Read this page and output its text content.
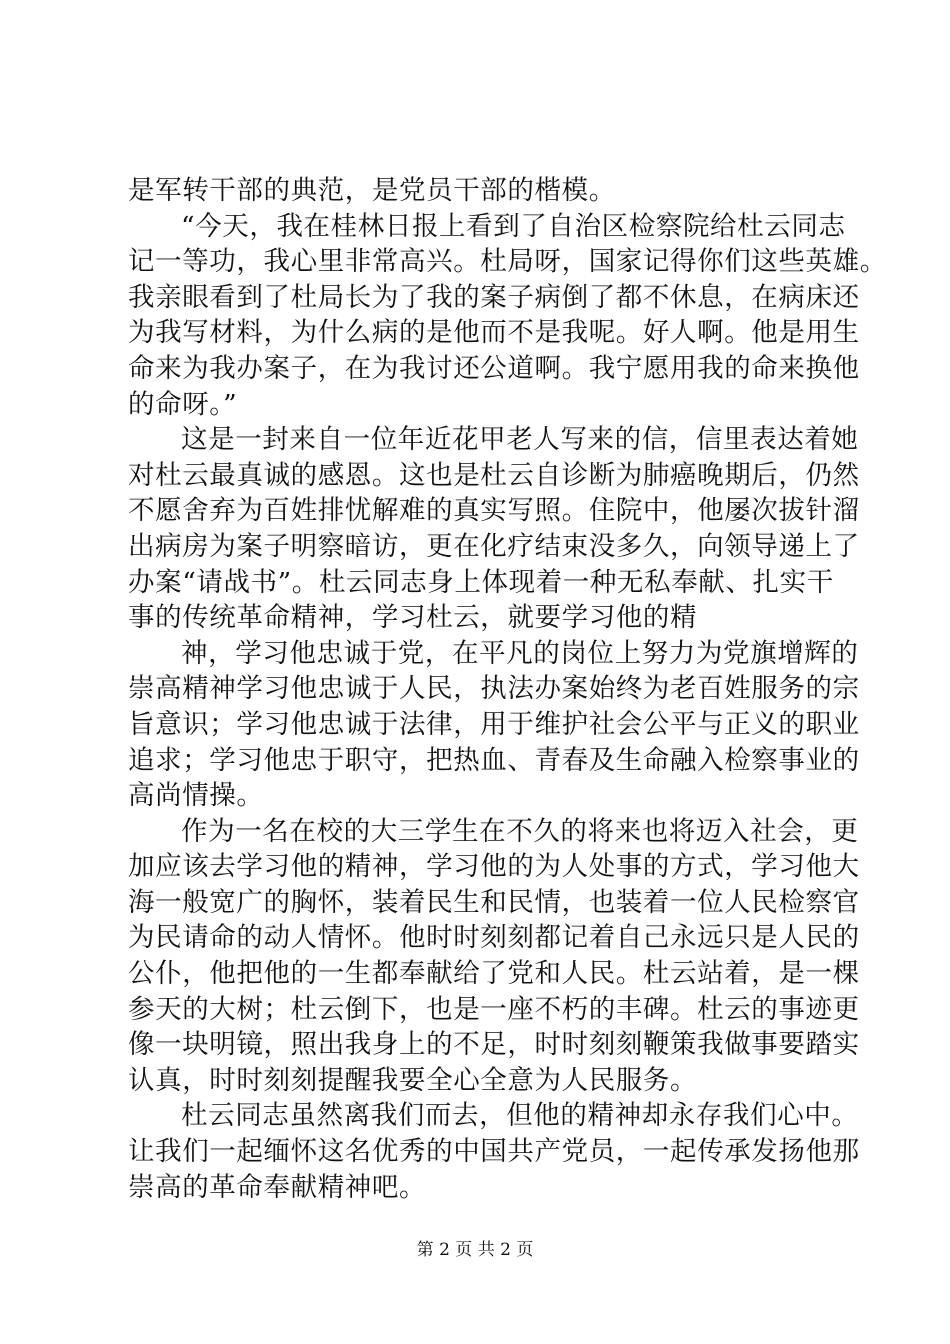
是军转干部的典范，是党员干部的楷模。
“今天，我在桂林日报上看到了自治区检察院给杜云同志
记一等功，我心里非常高兴。杜局呀，国家记得你们这些英雄。
我亲眼看到了杜局长为了我的案子病倒了都不休息，在病床还
为我写材料，为什么病的是他而不是我呢。好人啊。他是用生
命来为我办案子，在为我讨还公道啊。我宁愿用我的命来换他
的命呀。”
这是一封来自一位年近花甲老人写来的信，信里表达着她
对杜云最真诚的感恩。这也是杜云自诊断为肺癌晚期后，仍然
不愿舍弃为百姓排忧解难的真实写照。住院中，他屡次拔针溜
出病房为案子明察暗访，更在化疗结束没多久，向领导递上了
办案“请战书”。杜云同志身上体现着一种无私奉献、扎实干
事的传统革命精神，学习杜云，就要学习他的精
神，学习他忠诚于党，在平凡的岗位上努力为党旗增辉的
崇高精神学习他忠诚于人民，执法办案始终为老百姓服务的宗
旨意识；学习他忠诚于法律，用于维护社会公平与正义的职业
追求；学习他忠于职守，把热血、青春及生命融入检察事业的
高尚情操。
作为一名在校的大三学生在不久的将来也将迈入社会，更
加应该去学习他的精神，学习他的为人处事的方式，学习他大
海一般宽广的胸怀，装着民生和民情，也装着一位人民检察官
为民请命的动人情怀。他时时刻刻都记着自己永远只是人民的
公仆，他把他的一生都奉献给了党和人民。杜云站着，是一棵
参天的大树；杜云倒下，也是一座不朽的丰碑。杜云的事迹更
像一块明镜，照出我身上的不足，时时刻刻鞭策我做事要踏实
认真，时时刻刻提醒我要全心全意为人民服务。
杜云同志虽然离我们而去，但他的精神却永存我们心中。
让我们一起缅怀这名优秀的中国共产党员，一起传承发扬他那
崇高的革命奉献精神吧。
第 2 页 共 2 页
